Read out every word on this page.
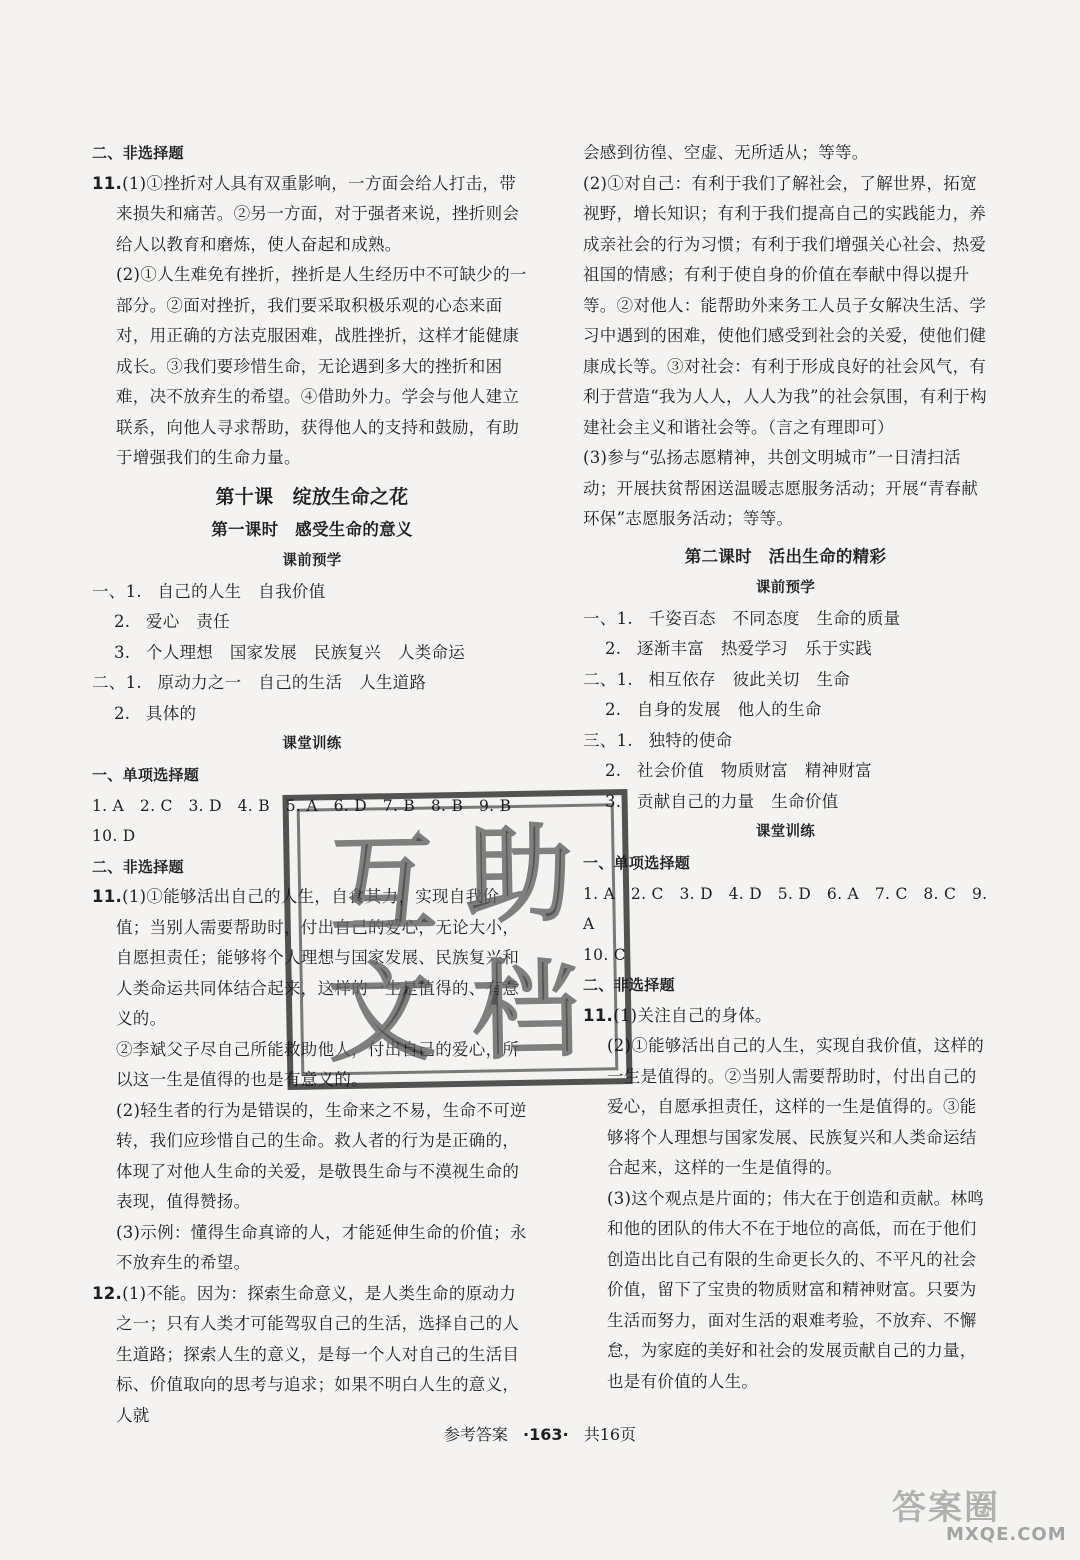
二、非选择题

11.(1)①挫折对人具有双重影响，一方面会给人打击，带来损失和痛苦。②另一方面，对于强者来说，挫折则会给人以教育和磨炼，使人奋起和成熟。

(2)①人生难免有挫折，挫折是人生经历中不可缺少的一部分。②面对挫折，我们要采取积极乐观的心态来面对，用正确的方法克服困难，战胜挫折，这样才能健康成长。③我们要珍惜生命，无论遇到多大的挫折和困难，决不放弃生的希望。④借助外力。学会与他人建立联系，向他人寻求帮助，获得他人的支持和鼓励，有助于增强我们的生命力量。

第十课　绽放生命之花

第一课时　感受生命的意义

课前预学

一、1. 自己的人生　自我价值

2. 爱心　责任

3. 个人理想　国家发展　民族复兴　人类命运

二、1. 原动力之一　自己的生活　人生道路

2. 具体的

课堂训练

一、单项选择题

1. A　2. C　3. D　4. B　5. A　6. D　7. B　8. B　9. B

10. D

二、非选择题

11.(1)①能够活出自己的人生，自食其力，实现自我价值；当别人需要帮助时，付出自己的爱心，无论大小，自愿担责任；能够将个人理想与国家发展、民族复兴和人类命运共同体结合起来，这样的一生是值得的、有意义的。

②李斌父子尽自己所能救助他人，付出自己的爱心，所以这一生是值得的也是有意义的。

(2)轻生者的行为是错误的，生命来之不易，生命不可逆转，我们应珍惜自己的生命。救人者的行为是正确的，体现了对他人生命的关爱，是敬畏生命与不漠视生命的表现，值得赞扬。

(3)示例：懂得生命真谛的人，才能延伸生命的价值；永不放弃生的希望。

12.(1)不能。因为：探索生命意义，是人类生命的原动力之一；只有人类才可能驾驭自己的生活，选择自己的人生道路；探索人生的意义，是每一个人对自己的生活目标、价值取向的思考与追求；如果不明白人生的意义，人就

会感到彷徨、空虚、无所适从；等等。

(2)①对自己：有利于我们了解社会，了解世界，拓宽视野，增长知识；有利于我们提高自己的实践能力，养成亲社会的行为习惯；有利于我们增强关心社会、热爱祖国的情感；有利于使自身的价值在奉献中得以提升等。②对他人：能帮助外来务工人员子女解决生活、学习中遇到的困难，使他们感受到社会的关爱，使他们健康成长等。③对社会：有利于形成良好的社会风气，有利于营造“我为人人，人人为我”的社会氛围，有利于构建社会主义和谐社会等。（言之有理即可）

(3)参与“弘扬志愿精神，共创文明城市”一日清扫活动；开展扶贫帮困送温暖志愿服务活动；开展“青春献环保”志愿服务活动；等等。

第二课时　活出生命的精彩

课前预学

一、1. 千姿百态　不同态度　生命的质量

2. 逐渐丰富　热爱学习　乐于实践

二、1. 相互依存　彼此关切　生命

2. 自身的发展　他人的生命

三、1. 独特的使命

2. 社会价值　物质财富　精神财富

3. 贡献自己的力量　生命价值

课堂训练

一、单项选择题

1. A　2. C　3. D　4. D　5. D　6. A　7. C　8. C　9. A

10. C

二、非选择题

11.(1)关注自己的身体。

(2)①能够活出自己的人生，实现自我价值，这样的一生是值得的。②当别人需要帮助时，付出自己的爱心，自愿承担责任，这样的一生是值得的。③能够将个人理想与国家发展、民族复兴和人类命运结合起来，这样的一生是值得的。

(3)这个观点是片面的；伟大在于创造和贡献。林鸣和他的团队的伟大不在于地位的高低，而在于他们创造出比自己有限的生命更长久的、不平凡的社会价值，留下了宝贵的物质财富和精神财富。只要为生活而努力，面对生活的艰难考验，不放弃、不懈怠，为家庭的美好和社会的发展贡献自己的力量，也是有价值的人生。

互 助
文 档
参考答案 ·163· 共16页
答案圈
MXQE.COM
